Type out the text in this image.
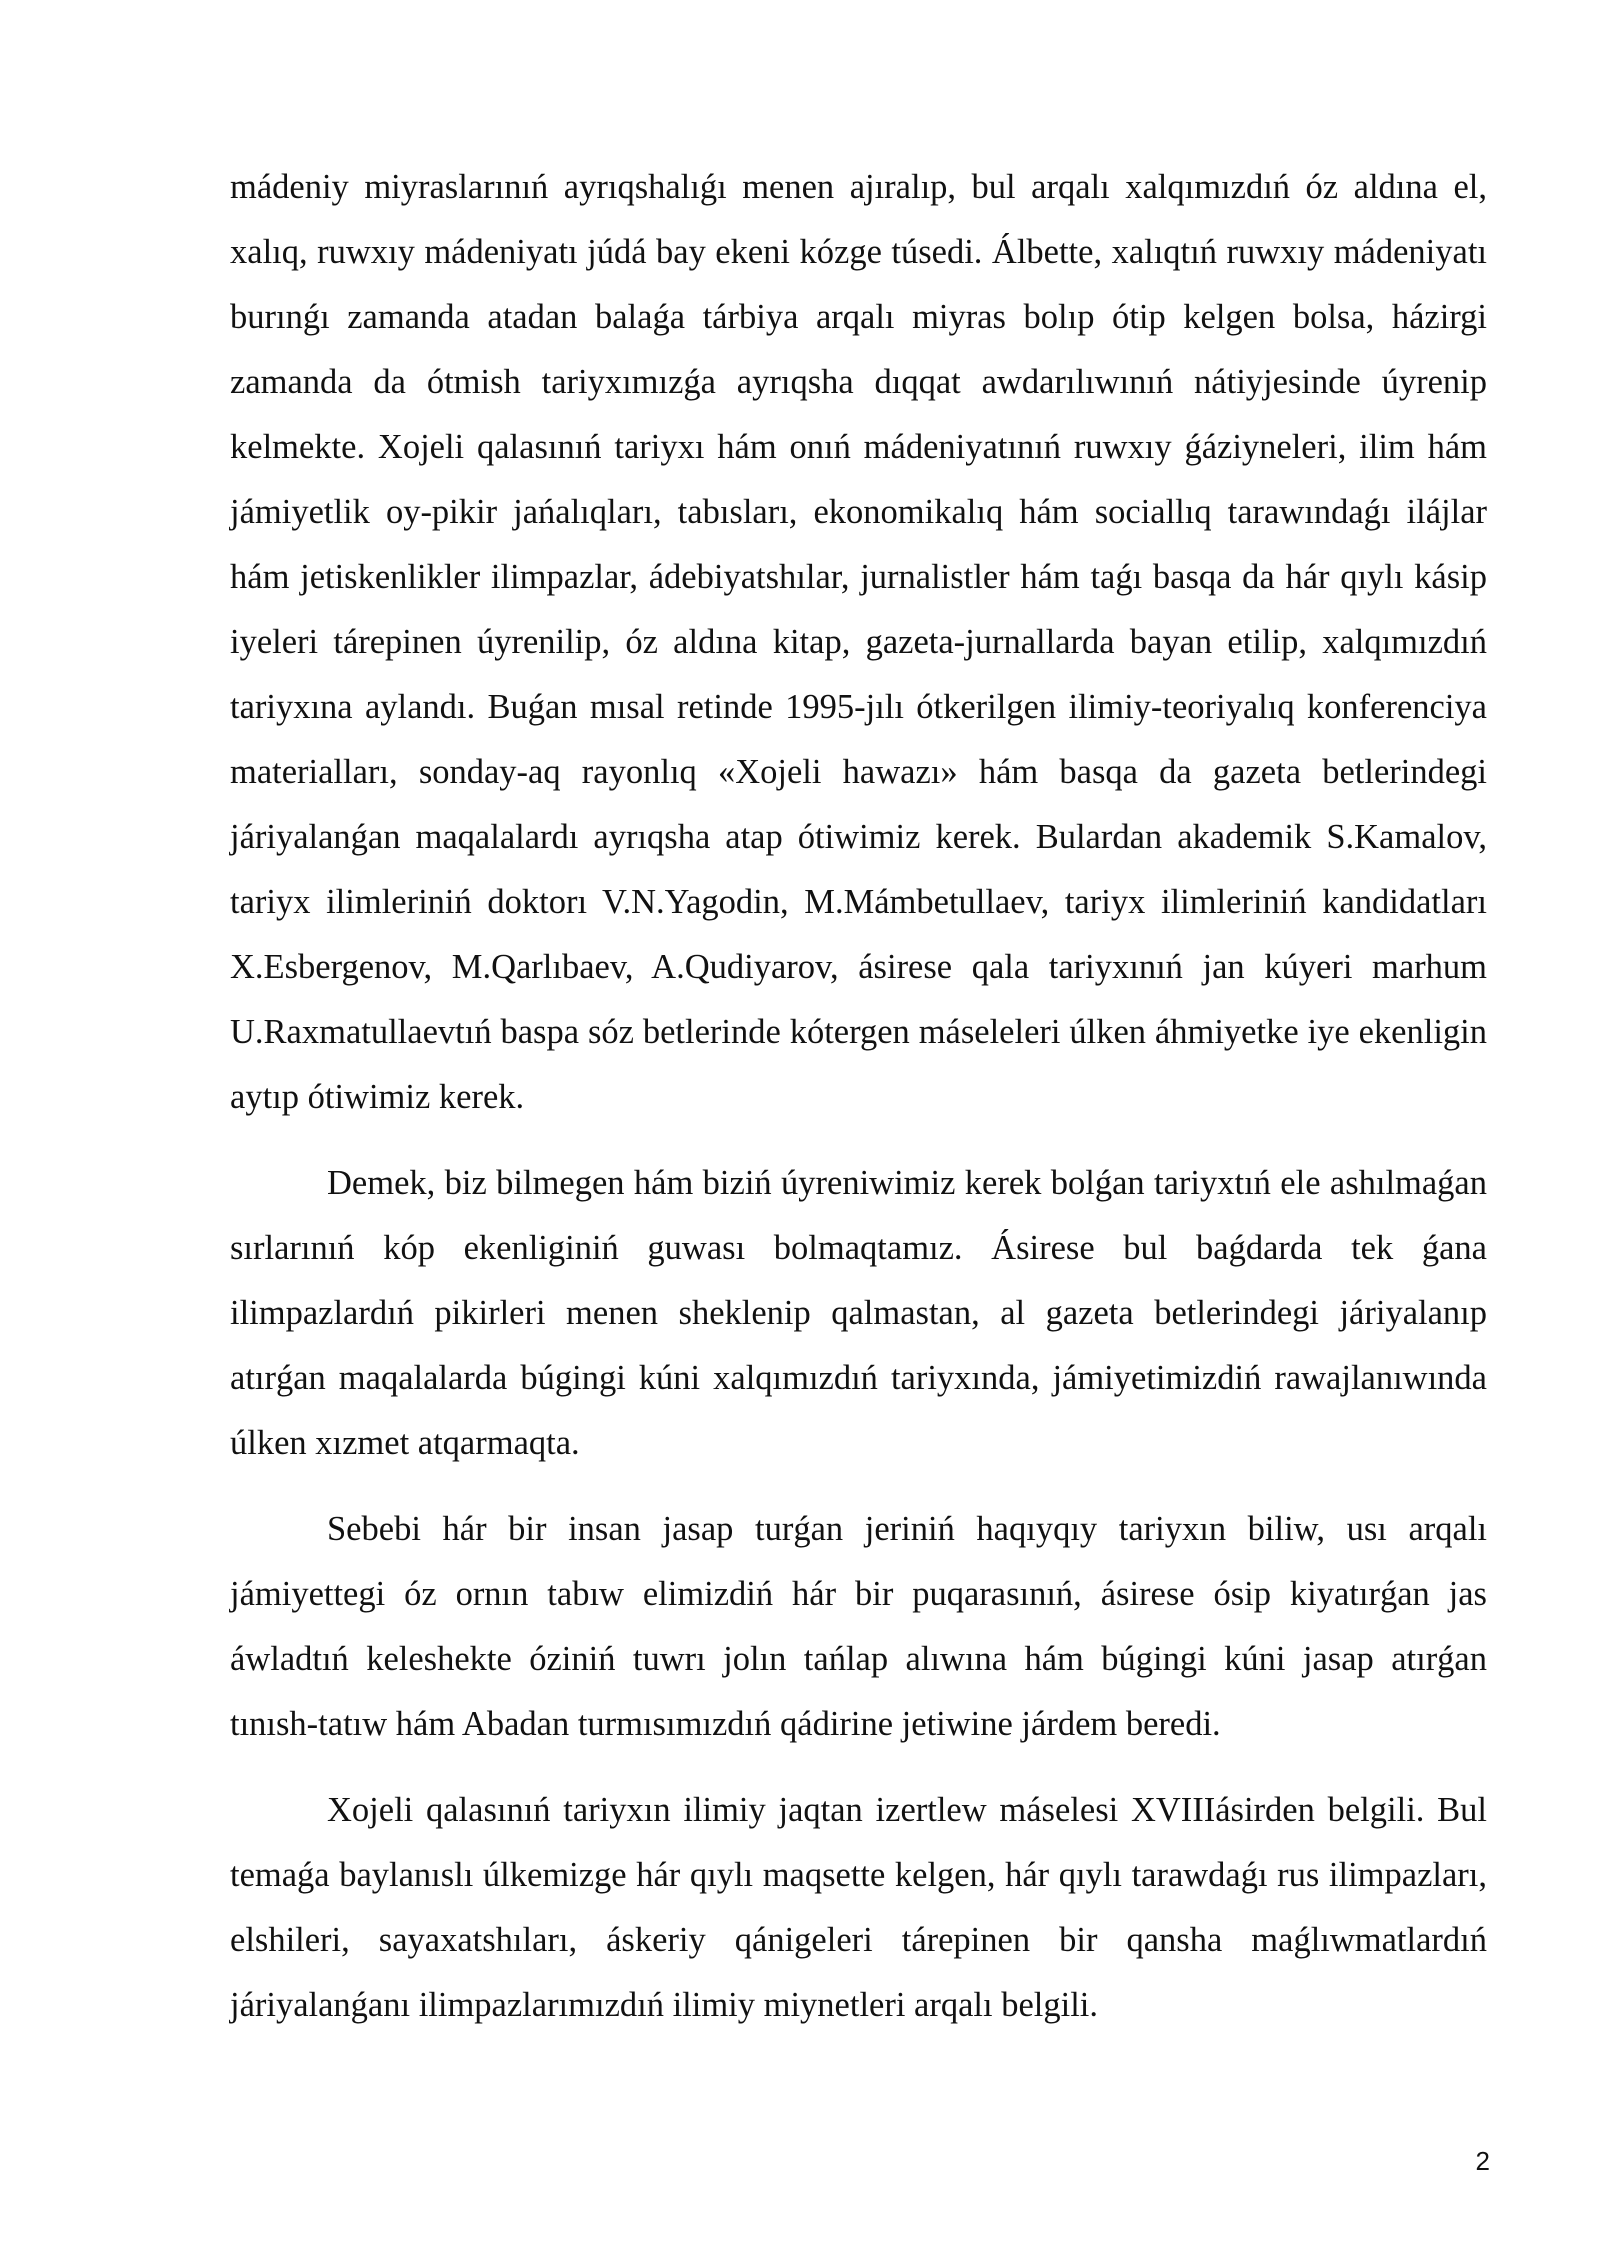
mádeniy miyraslarınıń ayrıqshalıǵı menen ajıralıp, bul arqalı xalqımızdıń óz aldına el, xalıq, ruwxıy mádeniyatı júdá bay ekeni kózge túsedi. Álbette, xalıqtıń ruwxıy mádeniyatı burınǵı zamanda atadan balaǵa tárbiya arqalı miyras bolıp ótip kelgen bolsa, házirgi zamanda da ótmish tariyxımızǵa ayrıqsha dıqqat awdarılıwınıń nátiyjesinde úyrenip kelmekte. Xojeli qalasınıń tariyxı hám onıń mádeniyatınıń ruwxıy ǵáziyneleri, ilim hám jámiyetlik oy-pikir jańalıqları, tabısları, ekonomikalıq hám sociallıq tarawındaǵı ilájlar hám jetiskenlikler ilimpazlar, ádebiyatshılar, jurnalistler hám taǵı basqa da hár qıylı kásip iyeleri tárepinen úyrenilip, óz aldına kitap, gazeta-jurnallarda bayan etilip, xalqımızdıń tariyxına aylandı. Buǵan mısal retinde 1995-jılı ótkerilgen ilimiy-teoriyalıq konferenciya materialları, sonday-aq rayonlıq «Xojeli hawazı» hám basqa da gazeta betlerindegi járiyalanǵan maqalalardı ayrıqsha atap ótiwimiz kerek. Bulardan akademik S.Kamalov, tariyx ilimleriniń doktorı V.N.Yagodin, M.Mámbetullaev, tariyx ilimleriniń kandidatları X.Esbergenov, M.Qarlıbaev, A.Qudiyarov, ásirese qala tariyxınıń jan kúyeri marhum U.Raxmatullaevtıń baspa sóz betlerinde kótergen máseleleri úlken áhmiyetke iye ekenligin aytıp ótiwimiz kerek.

Demek, biz bilmegen hám biziń úyreniwimiz kerek bolǵan tariyxtıń ele ashılmaǵan sırlarınıń kóp ekenliginiń guwası bolmaqtamız. Ásirese bul baǵdarda tek ǵana ilimpazlardıń pikirleri menen sheklenip qalmastan, al gazeta betlerindegi járiyalanıp atırǵan maqalalarda búgingi kúni xalqımızdıń tariyxında, jámiyetimizdiń rawajlanıwında úlken xızmet atqarmaqta.

Sebebi hár bir insan jasap turǵan jeriniń haqıyqıy tariyxın biliw, usı arqalı jámiyettegi óz ornın tabıw elimizdiń hár bir puqarasınıń, ásirese ósip kiyatırǵan jas áwladtıń keleshekte óziniń tuwrı jolın tańlap alıwına hám búgingi kúni jasap atırǵan tınısh-tatıw hám Abadan turmısımızdıń qádirine jetiwine járdem beredi.

Xojeli qalasınıń tariyxın ilimiy jaqtan izertlew máselesi XVIIIásirden belgili. Bul temaǵa baylanıslı úlkemizge hár qıylı maqsette kelgen, hár qıylı tarawdaǵı rus ilimpazları, elshileri, sayaxatshıları, áskeriy qánigeleri tárepinen bir qansha maǵlıwmatlardıń járiyalanǵanı ilimpazlarımızdıń ilimiy miynetleri arqalı belgili.

2
